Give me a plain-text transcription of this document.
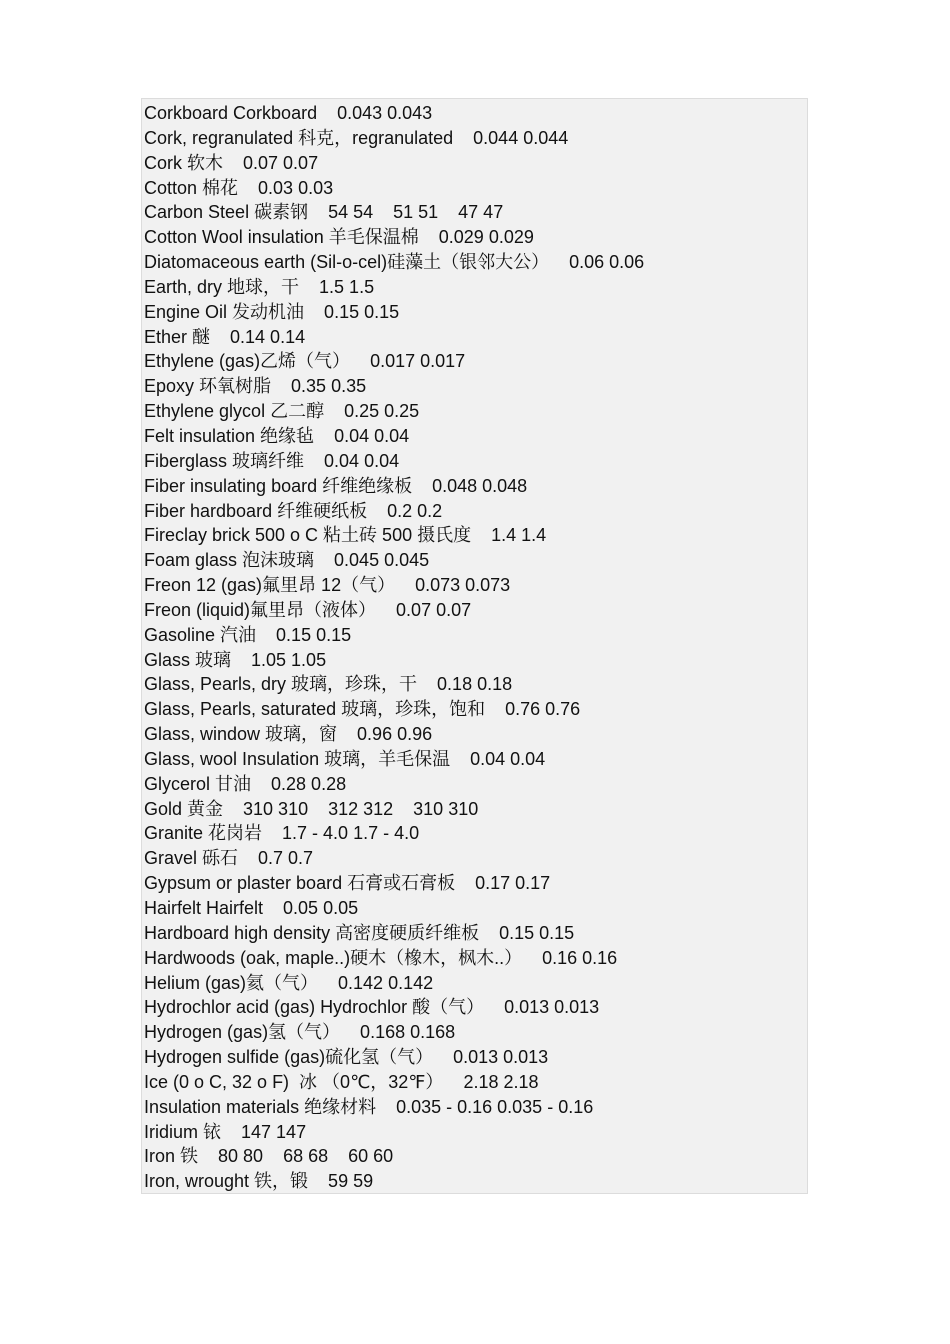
Corkboard Corkboard    0.043 0.043
Cork, regranulated 科克，regranulated    0.044 0.044
Cork 软木    0.07 0.07
Cotton 棉花    0.03 0.03
Carbon Steel 碳素钢    54 54    51 51    47 47
Cotton Wool insulation 羊毛保温棉    0.029 0.029
Diatomaceous earth (Sil-o-cel)硅藻土（银邻大公）    0.06 0.06
Earth, dry 地球，干    1.5 1.5
Engine Oil 发动机油    0.15 0.15
Ether 醚    0.14 0.14
Ethylene (gas)乙烯（气）    0.017 0.017
Epoxy 环氧树脂    0.35 0.35
Ethylene glycol 乙二醇    0.25 0.25
Felt insulation 绝缘毡    0.04 0.04
Fiberglass 玻璃纤维    0.04 0.04
Fiber insulating board 纤维绝缘板    0.048 0.048
Fiber hardboard 纤维硬纸板    0.2 0.2
Fireclay brick 500 o C 粘土砖 500 摄氏度    1.4 1.4
Foam glass 泡沫玻璃    0.045 0.045
Freon 12 (gas)氟里昂 12（气）    0.073 0.073
Freon (liquid)氟里昂（液体）    0.07 0.07
Gasoline 汽油    0.15 0.15
Glass 玻璃    1.05 1.05
Glass, Pearls, dry 玻璃，珍珠，干    0.18 0.18
Glass, Pearls, saturated 玻璃，珍珠，饱和    0.76 0.76
Glass, window 玻璃，窗    0.96 0.96
Glass, wool Insulation 玻璃，羊毛保温    0.04 0.04
Glycerol 甘油    0.28 0.28
Gold 黄金    310 310    312 312    310 310
Granite 花岗岩    1.7 - 4.0 1.7 - 4.0
Gravel 砾石    0.7 0.7
Gypsum or plaster board 石膏或石膏板    0.17 0.17
Hairfelt Hairfelt    0.05 0.05
Hardboard high density 高密度硬质纤维板    0.15 0.15
Hardwoods (oak, maple..)硬木（橡木，枫木..）    0.16 0.16
Helium (gas)氦（气）    0.142 0.142
Hydrochlor acid (gas) Hydrochlor 酸（气）    0.013 0.013
Hydrogen (gas)氢（气）    0.168 0.168
Hydrogen sulfide (gas)硫化氢（气）    0.013 0.013
Ice (0 o C, 32 o F)  冰 （0℃，32℉）    2.18 2.18
Insulation materials 绝缘材料    0.035 - 0.16 0.035 - 0.16
Iridium 铱    147 147
Iron 铁    80 80    68 68    60 60
Iron, wrought 铁，锻    59 59
